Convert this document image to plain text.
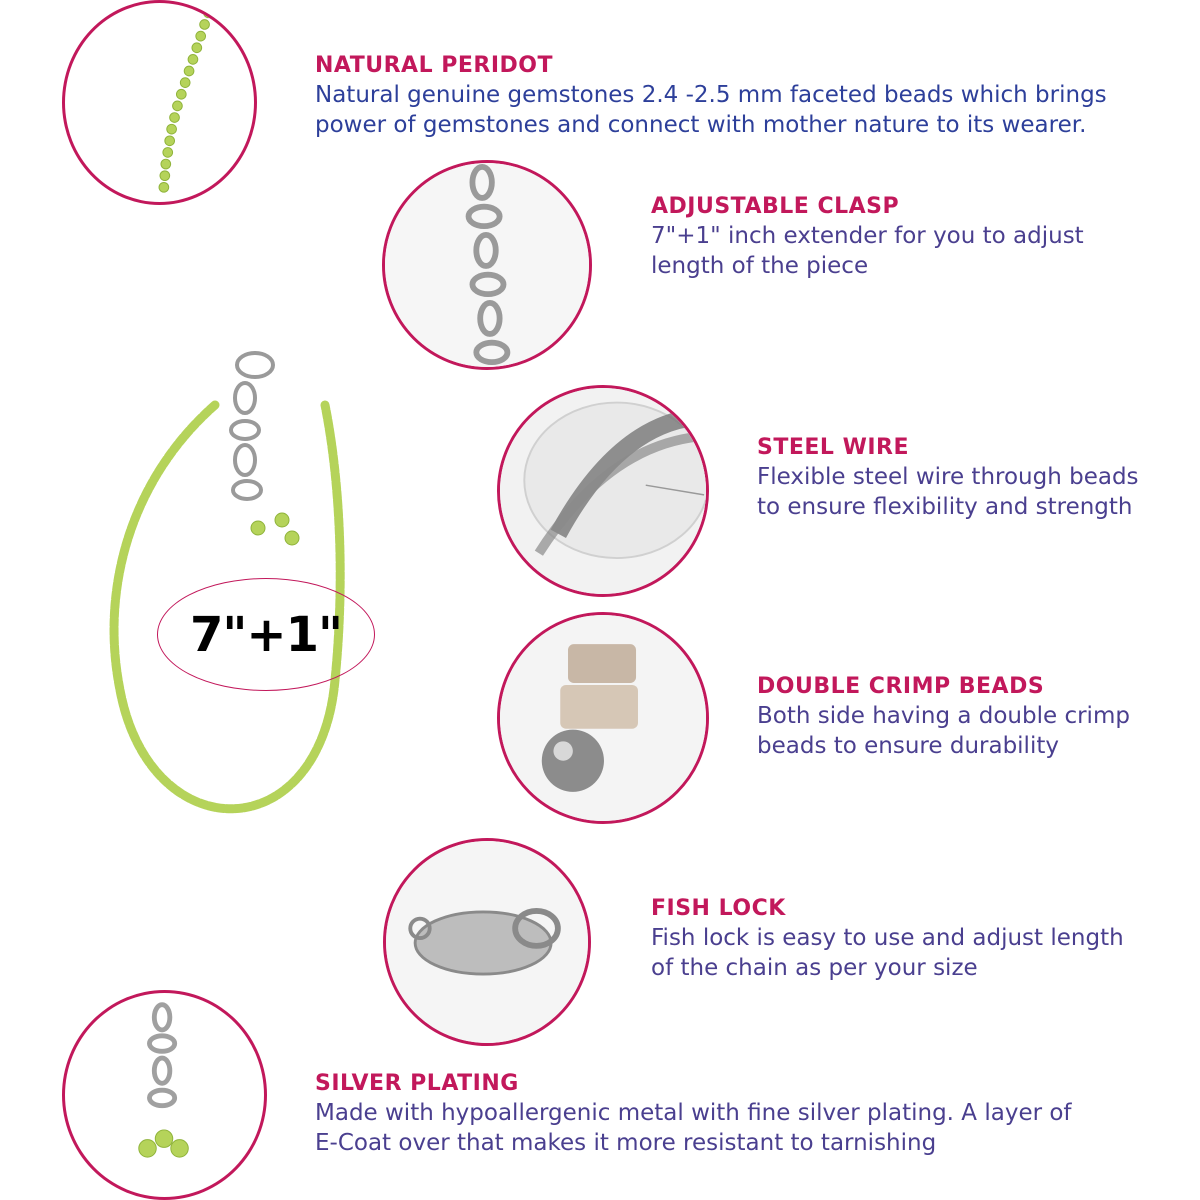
NATURAL PERIDOT
Natural genuine gemstones 2.4 -2.5 mm faceted beads which brings
power of gemstones and connect with mother nature to its wearer.
ADJUSTABLE CLASP
7"+1" inch extender for you to adjust
length of the piece
STEEL WIRE
Flexible steel wire through beads
to ensure flexibility and strength
DOUBLE CRIMP BEADS
Both side having a double crimp
beads to ensure durability
FISH LOCK
Fish lock is easy to use and adjust length
of the chain as per your size
SILVER PLATING
Made with hypoallergenic metal with fine silver plating. A layer of
E-Coat over that makes it more resistant to tarnishing
7"+1"
